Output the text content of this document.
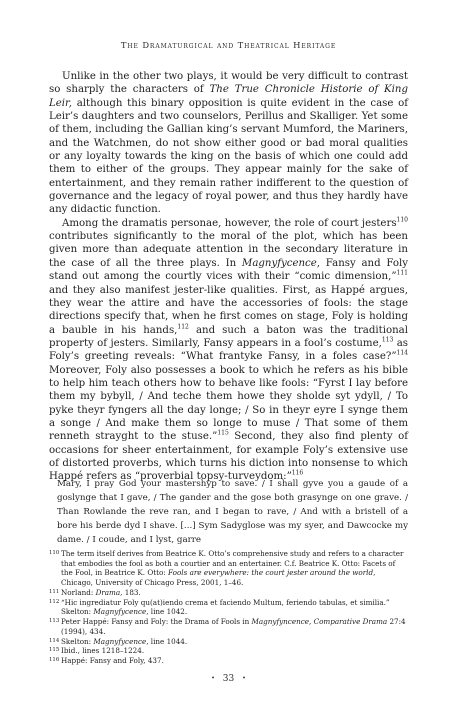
The Dramaturgical and Theatrical Heritage

Unlike in the other two plays, it would be very difficult to contrast so sharply the characters of The True Chronicle Historie of King Leir, although this binary opposition is quite evident in the case of Leir’s daughters and two counselors, Perillus and Skalliger. Yet some of them, including the Gallian king’s servant Mumford, the Mariners, and the Watchmen, do not show either good or bad moral qualities or any loyalty towards the king on the basis of which one could add them to either of the groups. They appear mainly for the sake of entertainment, and they remain rather indifferent to the question of governance and the legacy of royal power, and thus they hardly have any didactic function.

Among the dramatis personae, however, the role of court jesters$^{110}$ contributes significantly to the moral of the plot, which has been given more than adequate attention in the secondary literature in the case of all the three plays. In Magnyfycence, Fansy and Foly stand out among the courtly vices with their “comic dimension,”$^{111}$ and they also manifest jester-like qualities. First, as Happé argues, they wear the attire and have the accessories of fools: the stage directions specify that, when he first comes on stage, Foly is holding a bauble in his hands,$^{112}$ and such a baton was the traditional property of jesters. Similarly, Fansy appears in a fool’s costume,$^{113}$ as Foly’s greeting reveals: “What frantyke Fansy, in a foles case?”$^{114}$ Moreover, Foly also possesses a book to which he refers as his bible to help him teach others how to behave like fools: “Fyrst I lay before them my bybyll, / And teche them howe they sholde syt ydyll, / To pyke theyr fyngers all the day longe; / So in theyr eyre I synge them a songe / And make them so longe to muse / That some of them renneth strayght to the stuse.”$^{115}$ Second, they also find plenty of occasions for sheer entertainment, for example Foly’s extensive use of distorted proverbs, which turns his diction into nonsense to which Happé refers as “proverbial topsy-turveydom:”$^{116}$

Mary, I pray God your mastershyp to save. / I shall gyve you a gaude of a goslynge that I gave, / The gander and the gose both grasynge on one grave. / Than Rowlande the reve ran, and I began to rave, / And with a bristell of a bore his berde dyd I shave. [...] Sym Sadyglose was my syer, and Dawcocke my dame. / I coude, and I lyst, garre
110 The term itself derives from Beatrice K. Otto’s comprehensive study and refers to a character that embodies the fool as both a courtier and an entertainer. C.f. Beatrice K. Otto: Facets of the Fool, in Beatrice K. Otto: Fools are everywhere: the court jester around the world, Chicago, University of Chicago Press, 2001, 1–46.
111 Norland: Drama, 183.
112 “Hic ingrediatur Foly qu(at)iendo crema et faciendo Multum, feriendo tabulas, et similia.” Skelton: Magnyfycence, line 1042.
113 Peter Happé: Fansy and Foly: the Drama of Fools in Magnyfyncence, Comparative Drama 27:4 (1994), 434.
114 Skelton: Magnyfycence, line 1044.
115 Ibid., lines 1218–1224.
116 Happé: Fansy and Foly, 437.
• 33 •
